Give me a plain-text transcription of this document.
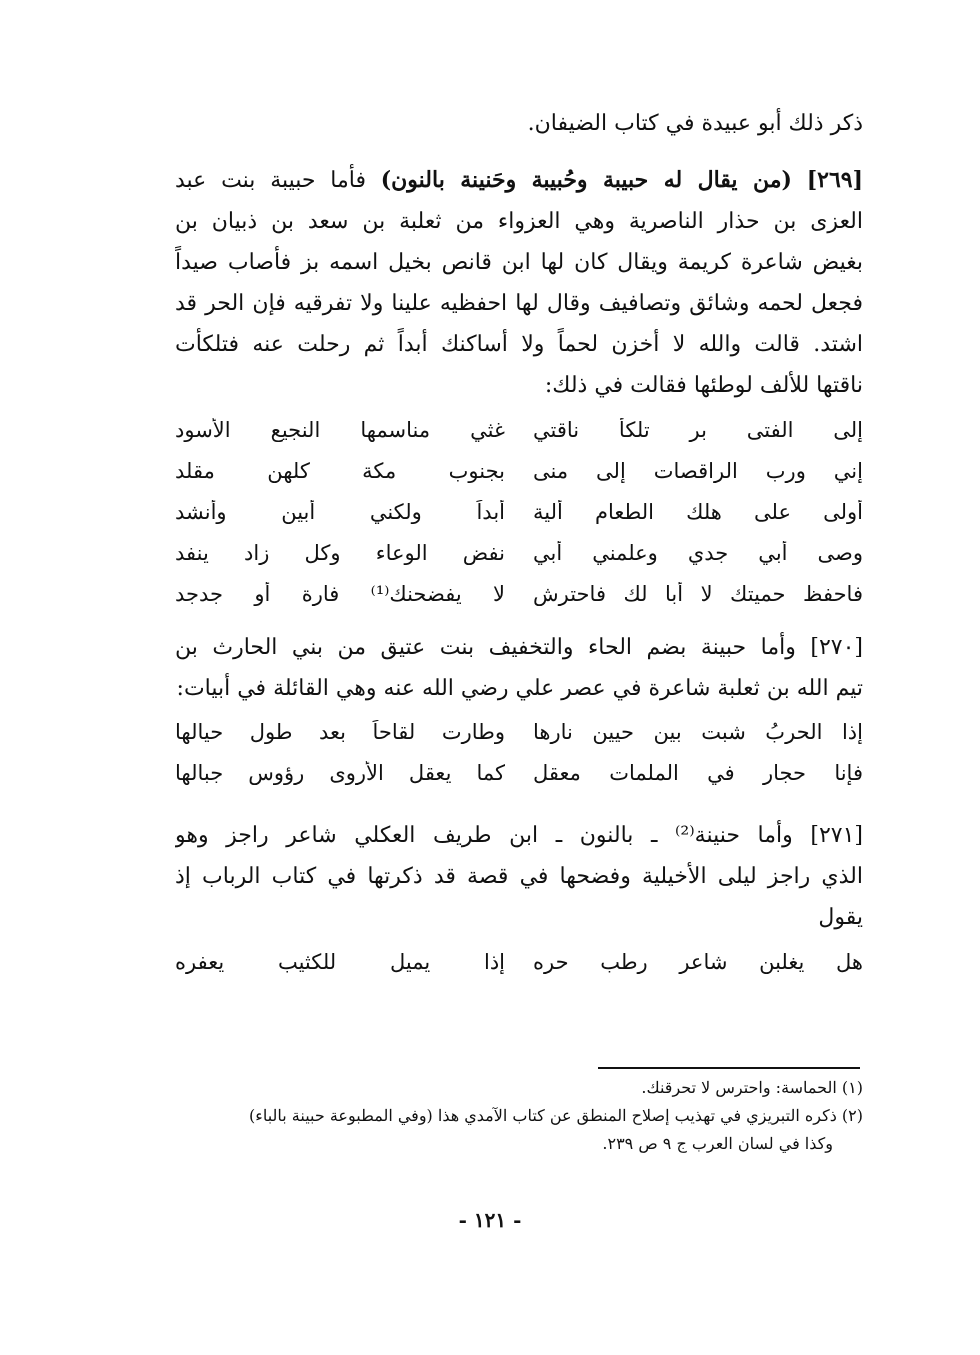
ذكر ذلك أبو عبيدة في كتاب الضيفان.
[٢٦٩] (من يقال له حبيبة وحُبيبة وحَنينة بالنون) فأما حبيبة بنت عبد
العزى بن حذار الناصرية وهي العزواء من ثعلبة بن سعد بن ذبيان بن
بغيض شاعرة كريمة ويقال كان لها ابن قانص بخيل اسمه بز فأصاب صيداً
فجعل لحمه وشائق وتصافيف وقال لها احفظيه علينا ولا تفرقيه فإن الحر قد
اشتد. قالت والله لا أخزن لحماً ولا أساكنك أبداً ثم رحلت عنه فتلكأت
ناقتها للألف لوطئها فقالت في ذلك:
إلى الفتى بر تلكأ ناقتي
غثي مناسمها النجيع الأسود
إني ورب الراقصات إلى منى
بجنوب مكة كلهن مقلد
أولى على هلك الطعام ألية
أبداً ولكني أبين وأنشد
وصى أبي جدي وعلمني أبي
نفض الوعاء وكل زاد ينفد
فاحفظ حميتك لا أبا لك فاحترش
لا يفضحنك⁽¹⁾ فارة أو جدجد
[٢٧٠] وأما حبينة بضم الحاء والتخفيف بنت عتيق من بني الحارث بن
تيم الله بن ثعلبة شاعرة في عصر علي رضي الله عنه وهي القائلة في أبيات:
إذا الحربُ شبت بين حيين نارها
وطارت لقاحاً بعد طول حيالها
فإنا حجار في الملمات معقل
كما يعقل الأروى رؤوس جبالها
[٢٧١] وأما حنينة⁽²⁾ ـ بالنون ـ ابن طريف العكلي شاعر راجز وهو
الذي راجز ليلى الأخيلية وفضحها في قصة قد ذكرتها في كتاب الرباب إذ
يقول
هل يغلبن شاعر رطب حره
إذا يميل للكثيب يعفره
(١) الحماسة: واحترس لا تحرقنك.
(٢) ذكره التبريزي في تهذيب إصلاح المنطق عن كتاب الآمدي هذا (وفي المطبوعة حبينة بالباء)
وكذا في لسان العرب ج ٩ ص ٢٣٩.
- ١٢١ -
